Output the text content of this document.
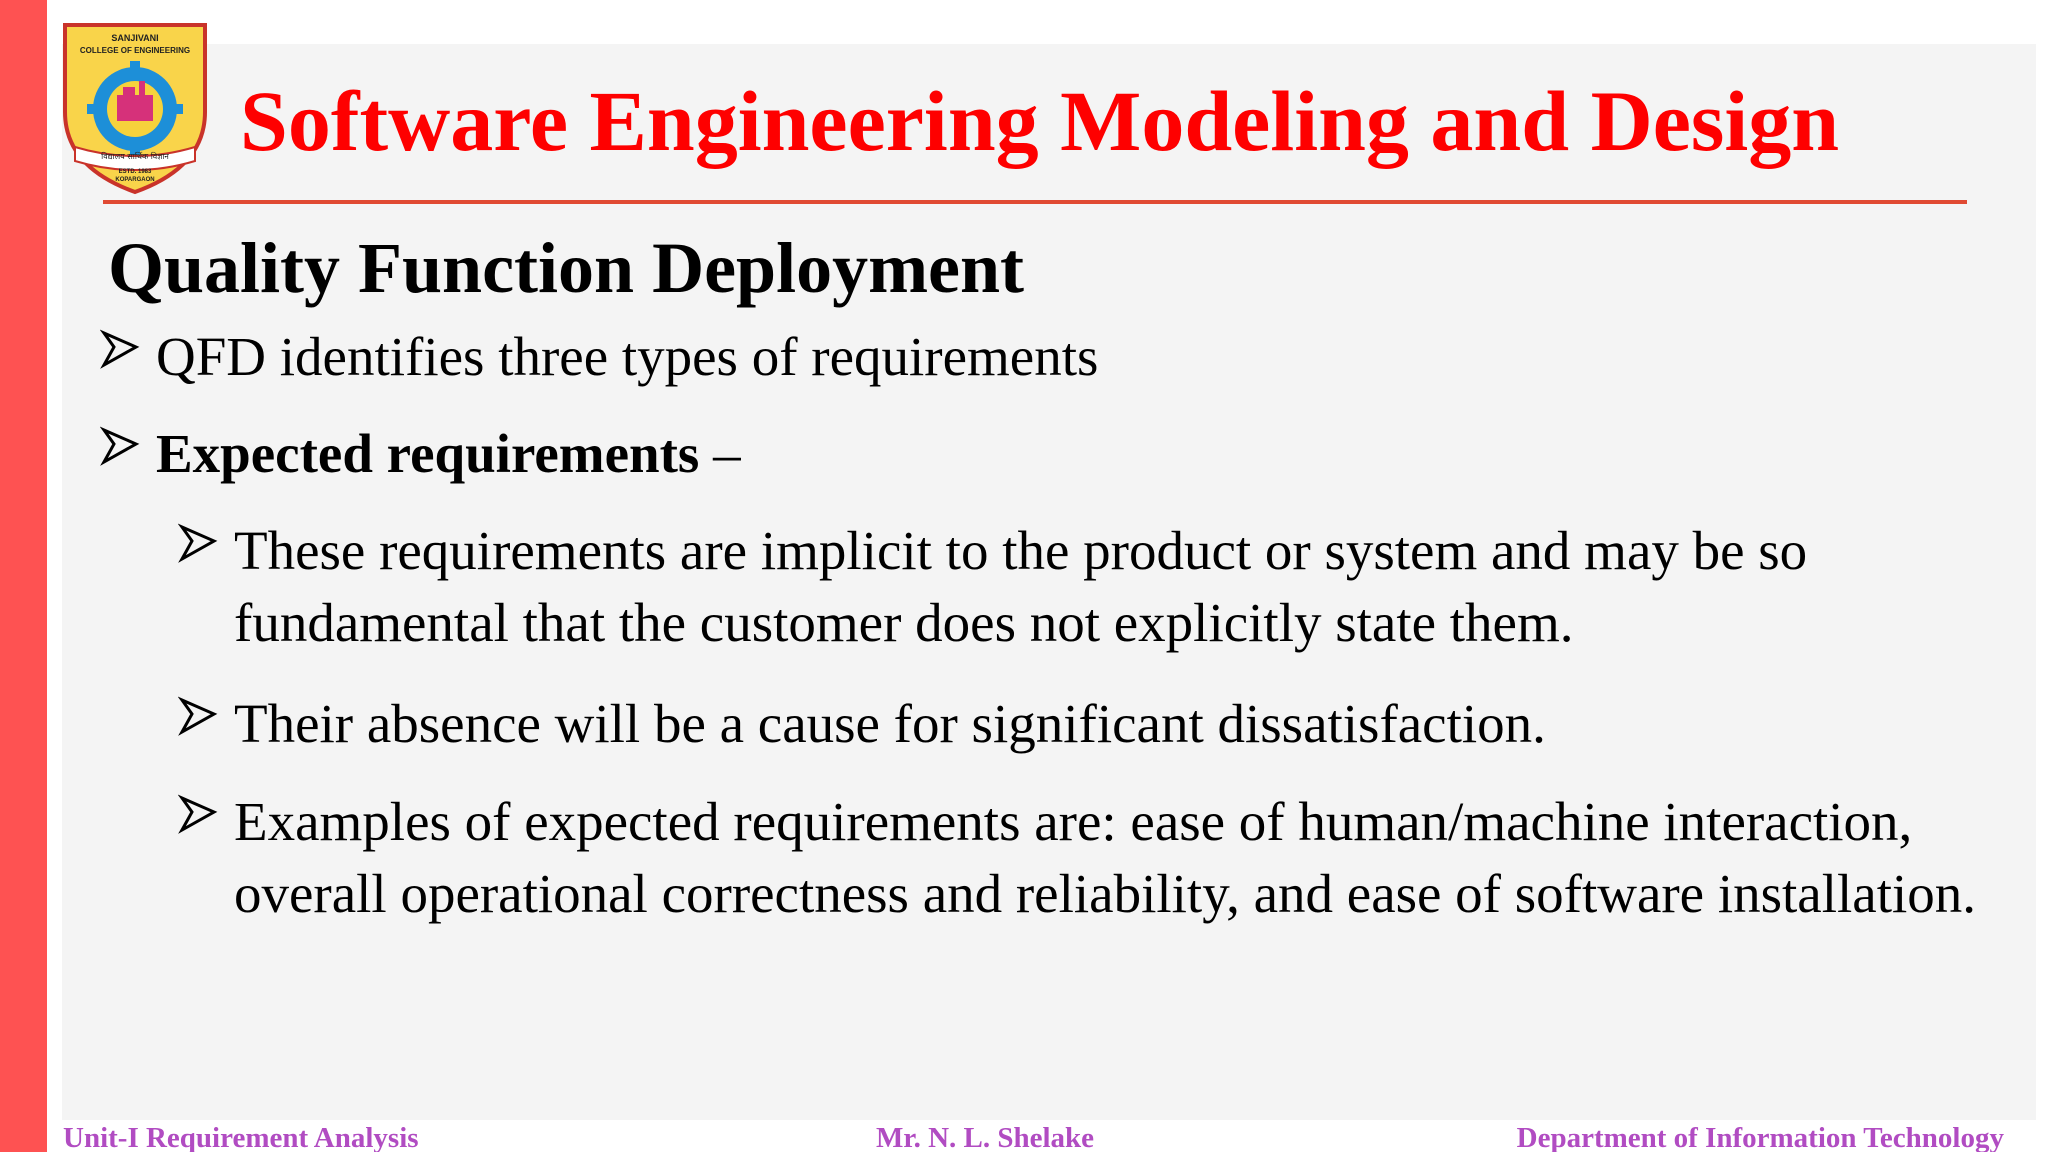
SANJIVANI
COLLEGE OF ENGINEERING
विद्यालय सार्थिक विज्ञान
ESTD. 1983
KOPARGAON
Software Engineering Modeling and Design
Quality Function Deployment
QFD identifies three types of requirements
Expected requirements –
These requirements are implicit to the product or system and may be so fundamental that the customer does not explicitly state them.
Their absence will be a cause for significant dissatisfaction.
Examples of expected requirements are: ease of human/machine interaction, overall operational correctness and reliability, and ease of software installation.
Unit-I Requirement Analysis	Mr. N. L. Shelake	Department of Information Technology
